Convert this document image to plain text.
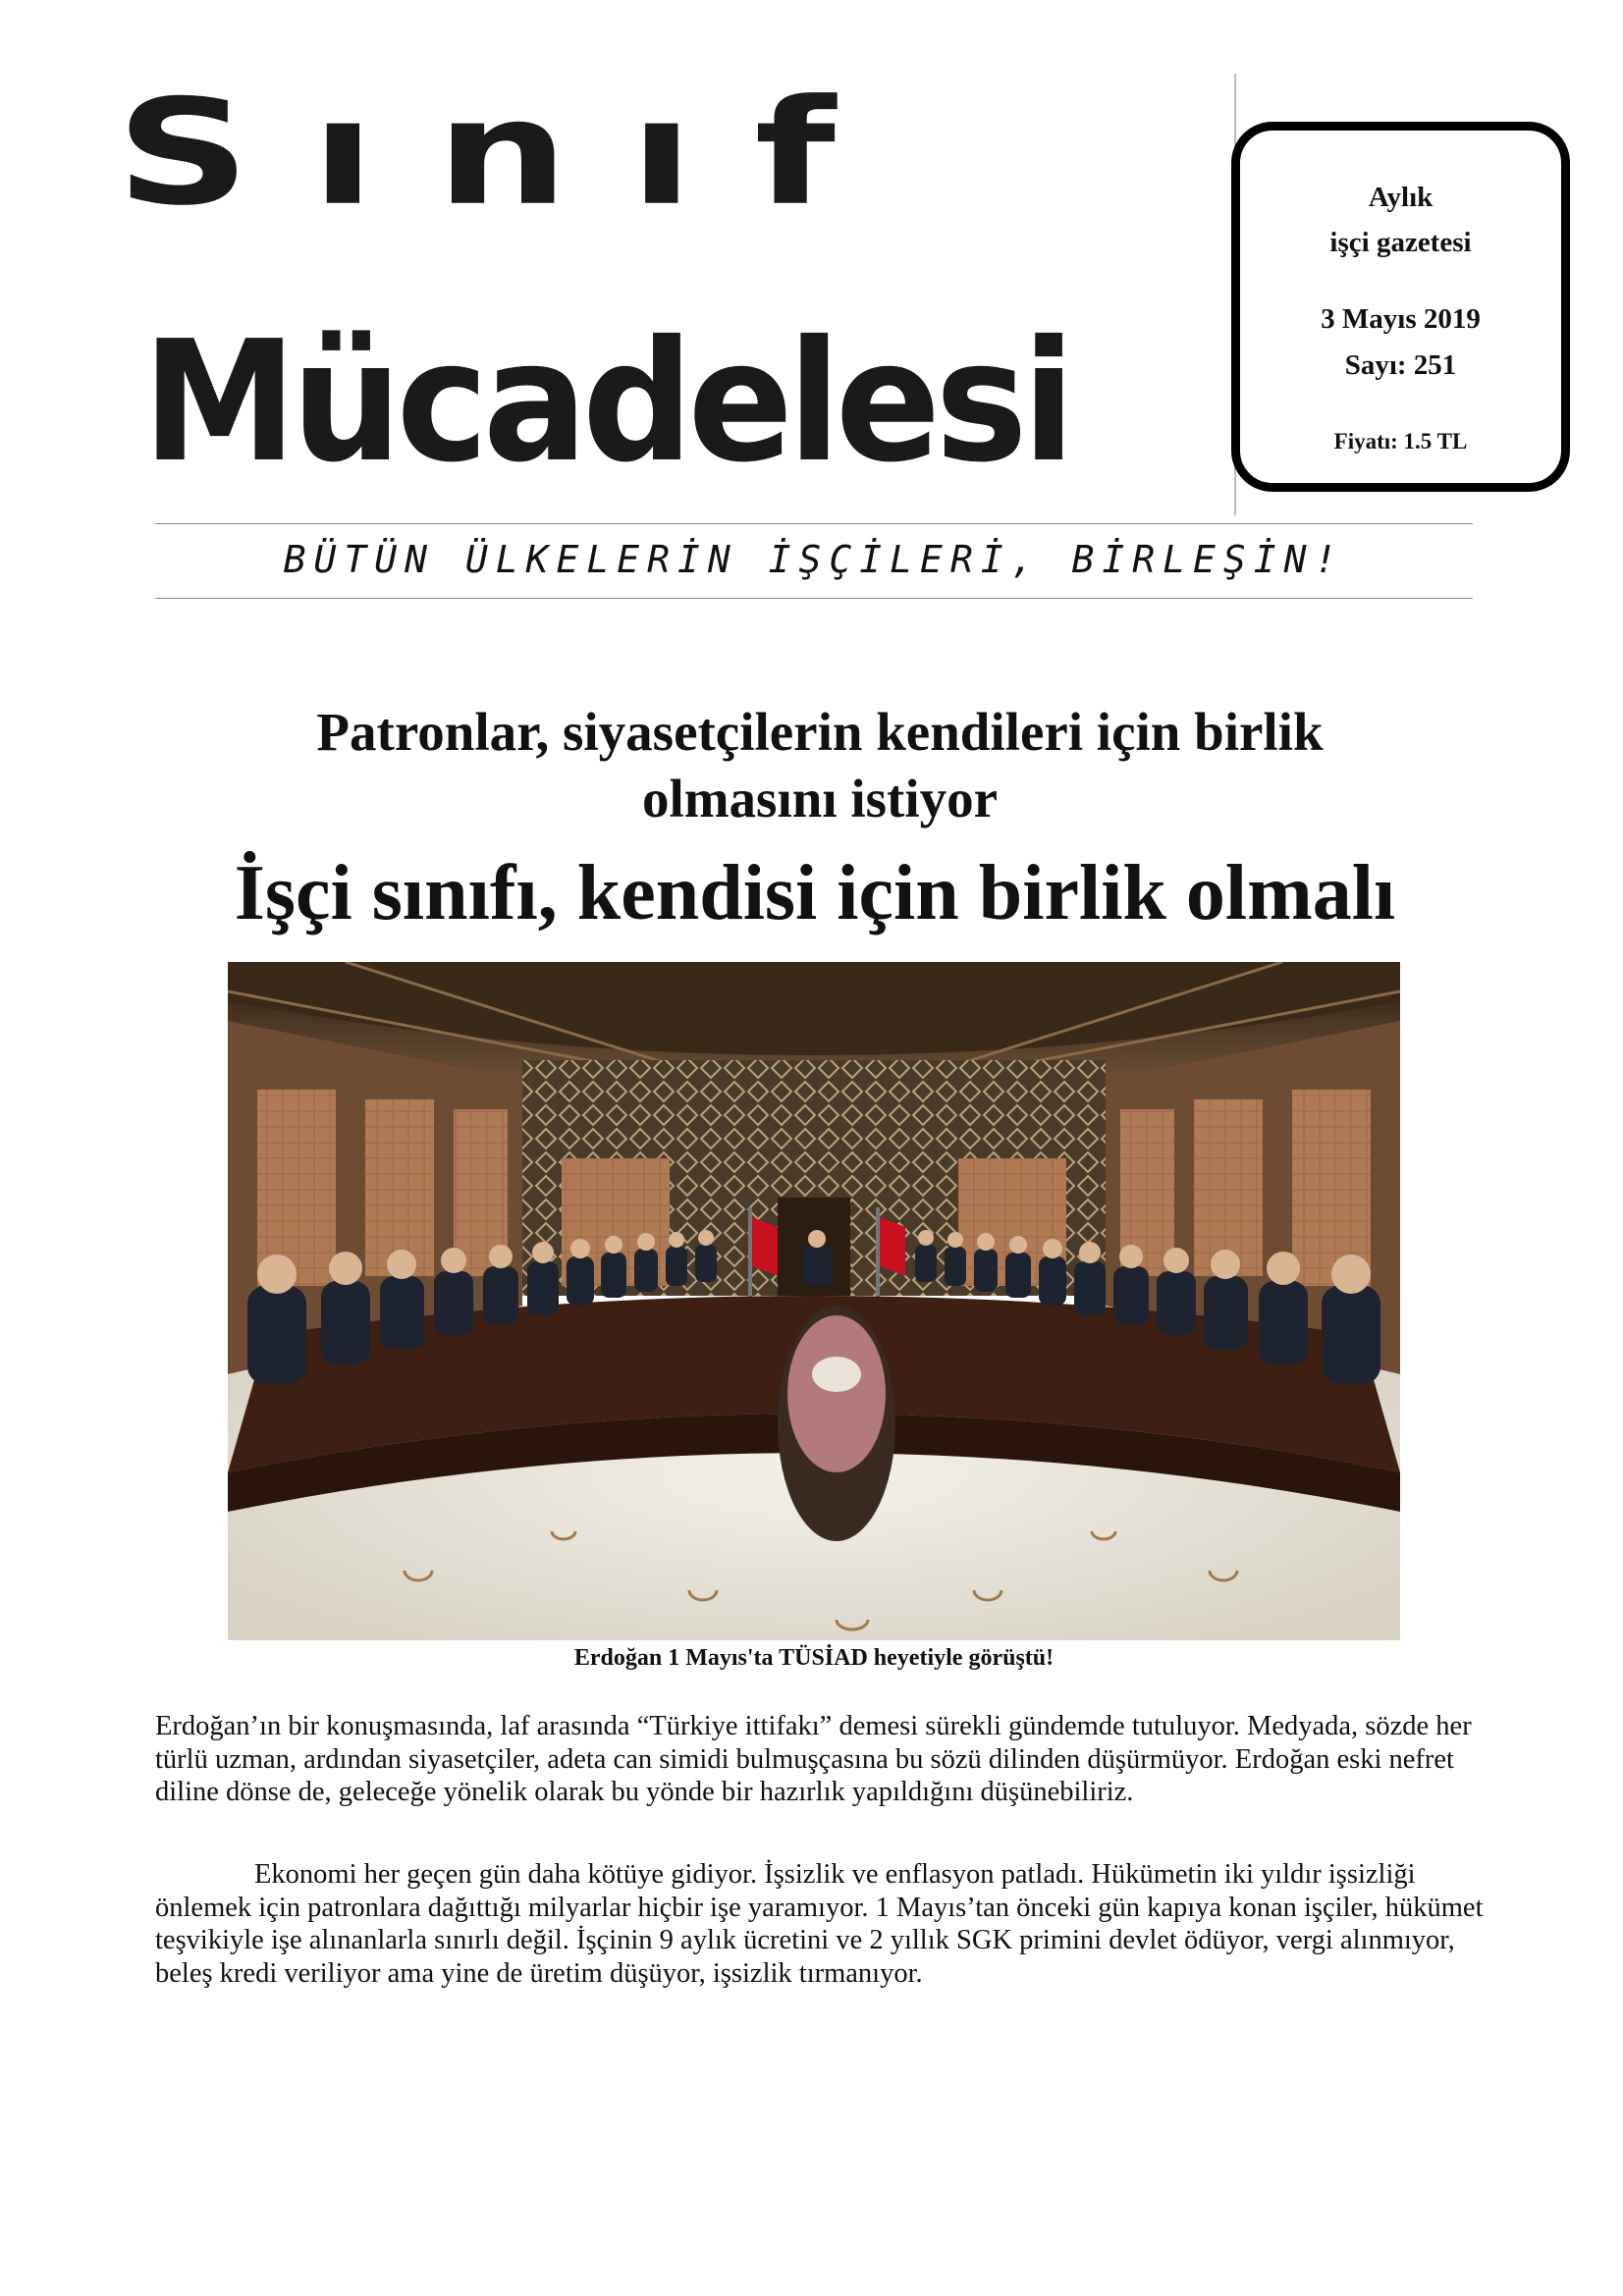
Sınıf
Mücadelesi
Aylık
işçi gazetesi
3 Mayıs 2019
Sayı: 251
Fiyatı: 1.5 TL
BÜTÜN ÜLKELERİN İŞÇİLERİ, BİRLEŞİN!
Patronlar, siyasetçilerin kendileri için birlik
olmasını istiyor
İşçi sınıfı, kendisi için birlik olmalı
Erdoğan 1 Mayıs'ta TÜSİAD heyetiyle görüştü!

Erdoğan’ın bir konuşmasında, laf arasında “Türkiye ittifakı” demesi sürekli gündemde tutuluyor. Medyada, sözde her türlü uzman, ardından siyasetçiler, adeta can simidi bulmuşçasına bu sözü dilinden düşürmüyor. Erdoğan eski nefret diline dönse de, geleceğe yönelik olarak bu yönde bir hazırlık yapıldığını düşünebiliriz.

Ekonomi her geçen gün daha kötüye gidiyor. İşsizlik ve enflasyon patladı. Hükümetin iki yıldır işsizliği önlemek için patronlara dağıttığı milyarlar hiçbir işe yaramıyor. 1 Mayıs’tan önceki gün kapıya konan işçiler, hükümet teşvikiyle işe alınanlarla sınırlı değil. İşçinin 9 aylık ücretini ve 2 yıllık SGK primini devlet ödüyor, vergi alınmıyor, beleş kredi veriliyor ama yine de üretim düşüyor, işsizlik tırmanıyor.
